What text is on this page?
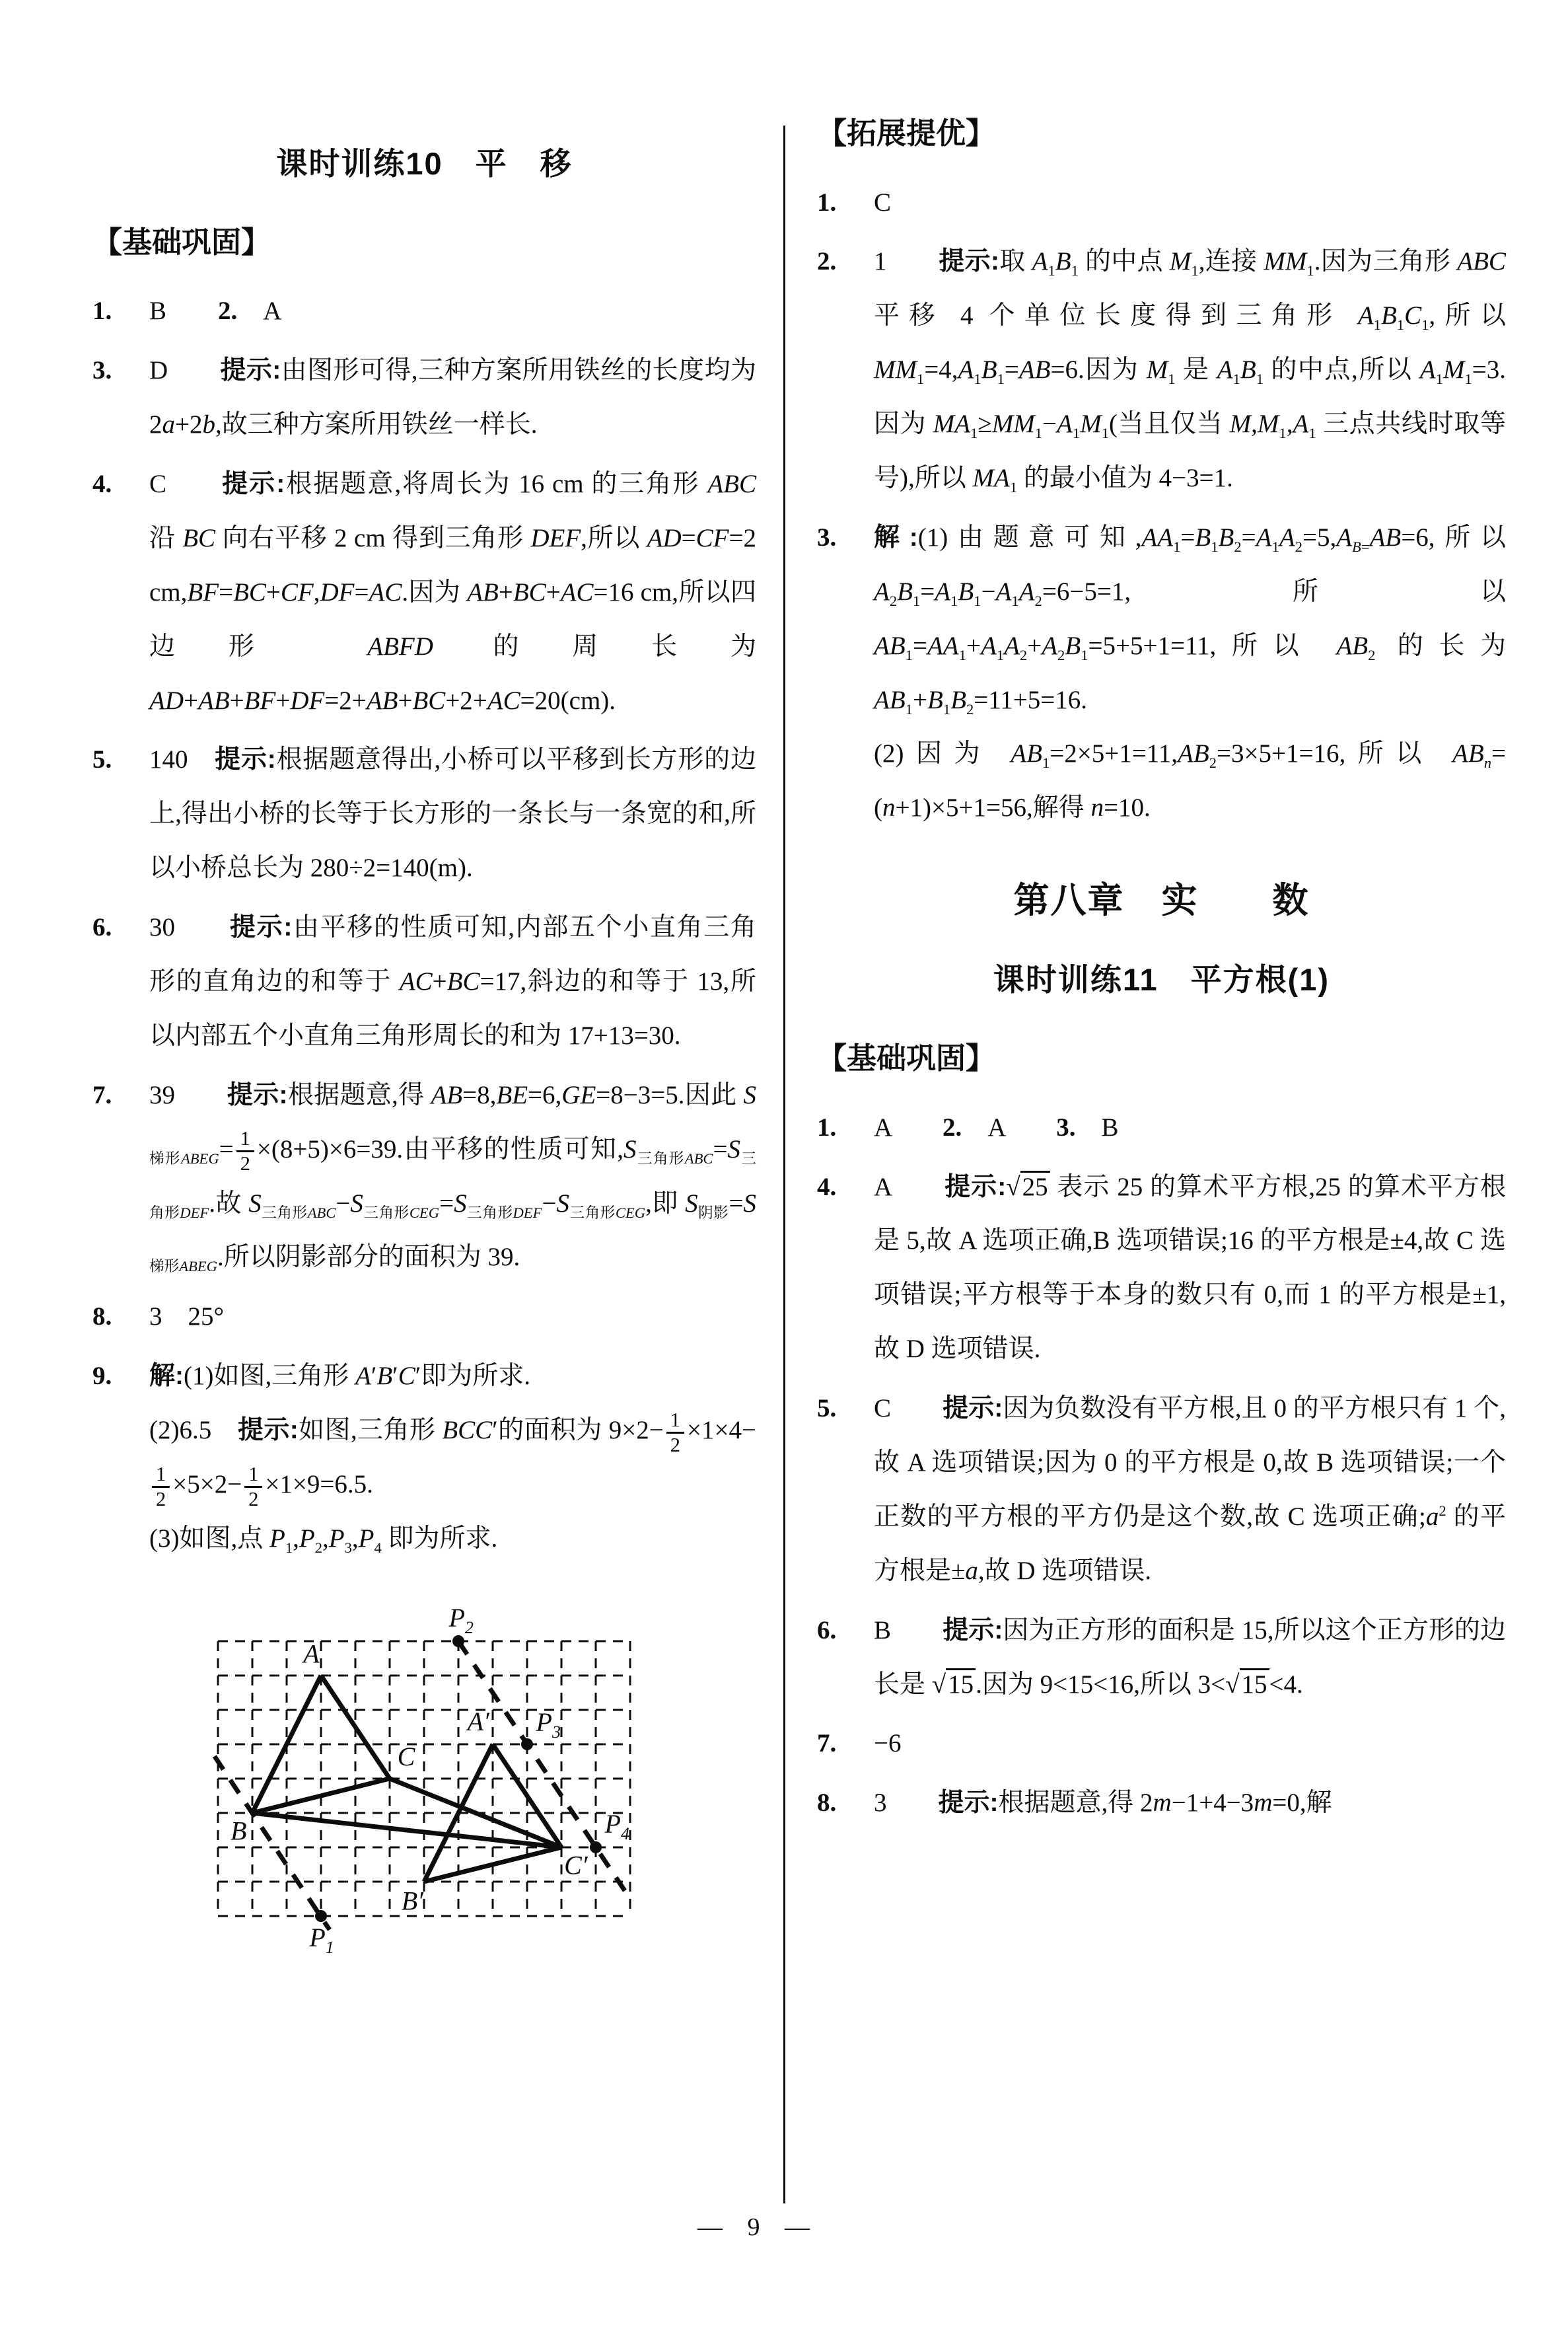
课时训练10　平　移
【基础巩固】
1.	B　　2.　A
3.	D　　提示:由图形可得,三种方案所用铁丝的长度均为 2a+2b,故三种方案所用铁丝一样长.
4.	C　　提示:根据题意,将周长为 16 cm 的三角形 ABC 沿 BC 向右平移 2 cm 得到三角形 DEF,所以 AD=CF=2 cm,BF=BC+CF,DF=AC.因为 AB+BC+AC=16 cm,所以四边形 ABFD 的周长为 AD+AB+BF+DF=2+AB+BC+2+AC=20(cm).
5.	140　提示:根据题意得出,小桥可以平移到长方形的边上,得出小桥的长等于长方形的一条长与一条宽的和,所以小桥总长为 280÷2=140(m).
6.	30　　提示:由平移的性质可知,内部五个小直角三角形的直角边的和等于 AC+BC=17,斜边的和等于 13,所以内部五个小直角三角形周长的和为 17+13=30.
7.	39　　提示:根据题意,得 AB=8,BE=6,GE=8−3=5.因此 $S_{梯形ABEG}= \frac{1}{2} \times(8+5)\times 6=39$.由平移的性质可知$,S_{三角形ABC}=S_{三角形DEF}$.故 $S_{三角形ABC}-S_{三角形CEG}=S_{三角形DEF}-S_{三角形CEG}$,即 $S_{阴影}=S_{梯形ABEG}$.所以阴影部分的面积为 39.
8.	3　25°
9.	解:(1)如图,三角形 A′B′C′即为所求.
(2)6.5　提示:如图,三角形 BCC′的面积为 $9\times 2- \frac{1}{2} \times 1\times 4-$
$\frac{1}{2} \times 5\times 2- \frac{1}{2} \times 1\times 9=6.5$.
(3)如图,点 $P_1,P_2,P_3,P_4$ 即为所求.
A
B
C
A′
B′
C′
$P_1$
$P_2$
$P_3$
$P_4$
【拓展提优】
1.	C
2.	1　　提示:取 $A_1B_1$ 的中点 $M_1$,连接 $MM_1$.因为三角形 ABC 平移 4 个单位长度得到三角形 $A_1B_1C_1$,所以 $MM_1=4,A_1B_1=AB=6$.因为 $M_1$ 是 $A_1B_1$ 的中点,所以 $A_1M_1=3$.因为 $MA_1\ge MM_1-A_1M_1$(当且仅当 $M,M_1,A_1$ 三点共线时取等号),所以 $MA_1$ 的最小值为 4−3=1.
3.	解:(1)由题意可知$,AA_1=B_1B_2=A_1A_2=5,A_{B=}AB=6$,所以 $A_2B_1=A_1B_1-A_1A_2=6-5=1$,所以 $AB_1=AA_1+A_1A_2+A_2B_1=5+5+1=11$,所以 $AB_2$ 的长为 $AB_1+B_1B_2=11+5=16$.
(2)因为 $AB_1=2\times 5+1=11,AB_2=3\times 5+1=16$,所以 $AB_n=(n+1)\times 5+1=56$,解得 n=10.
第八章　实　　数
课时训练11　平方根(1)
【基础巩固】
1.	A　　2.　A　　3.　B
4.	A　　提示:√25 表示 25 的算术平方根,25 的算术平方根是 5,故 A 选项正确,B 选项错误;16 的平方根是±4,故 C 选项错误;平方根等于本身的数只有 0,而 1 的平方根是±1,故 D 选项错误.
5.	C　　提示:因为负数没有平方根,且 0 的平方根只有 1 个,故 A 选项错误;因为 0 的平方根是 0,故 B 选项错误;一个正数的平方根的平方仍是这个数,故 C 选项正确$;a^2$ 的平方根是±a,故 D 选项错误.
6.	B　　提示:因为正方形的面积是 15,所以这个正方形的边长是 √15.因为 9<15<16,所以 3<√15<4.
7.	−6
8.	3　　提示:根据题意,得 2m−1+4−3m=0,解
— 9 —
